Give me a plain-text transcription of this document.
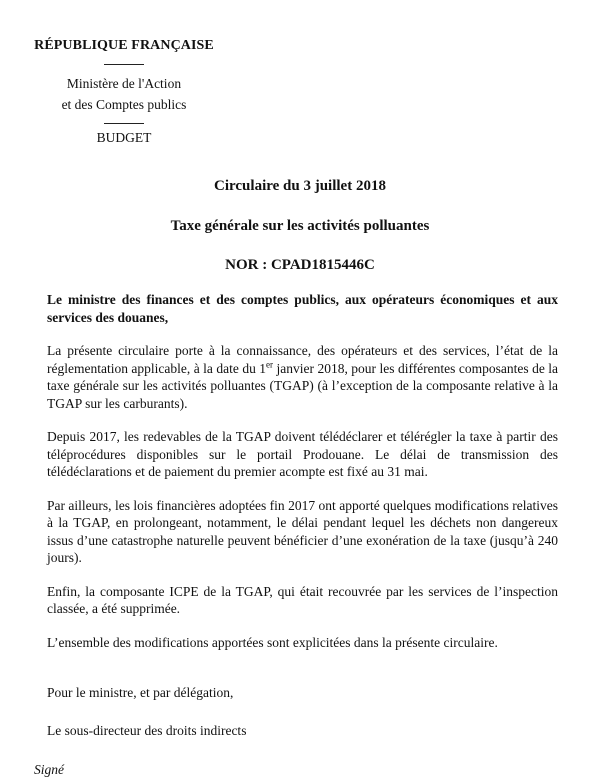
RÉPUBLIQUE FRANÇAISE

Ministère de l'Action
et des Comptes publics

BUDGET

Circulaire du 3 juillet 2018

Taxe générale sur les activités polluantes

NOR : CPAD1815446C

Le ministre des finances et des comptes publics, aux opérateurs économiques et aux services des douanes,

La présente circulaire porte à la connaissance, des opérateurs et des services, l’état de la réglementation applicable, à la date du 1er janvier 2018, pour les différentes composantes de la taxe générale sur les activités polluantes (TGAP) (à l’exception de la composante relative à la TGAP sur les carburants).

Depuis 2017, les redevables de la TGAP doivent télédéclarer et télérégler la taxe à partir des téléprocédures disponibles sur le portail Prodouane. Le délai de transmission des télédéclarations et de paiement du premier acompte est fixé au 31 mai.

Par ailleurs, les lois financières adoptées fin 2017 ont apporté quelques modifications relatives à la TGAP, en prolongeant, notamment, le délai pendant lequel les déchets non dangereux issus d’une catastrophe naturelle peuvent bénéficier d’une exonération de la taxe (jusqu’à 240 jours).

Enfin, la composante ICPE de la TGAP, qui était recouvrée par les services de l’inspection classée, a été supprimée.

L’ensemble des modifications apportées sont explicitées dans la présente circulaire.

Pour le ministre, et par délégation,

Le sous-directeur des droits indirects

Signé
